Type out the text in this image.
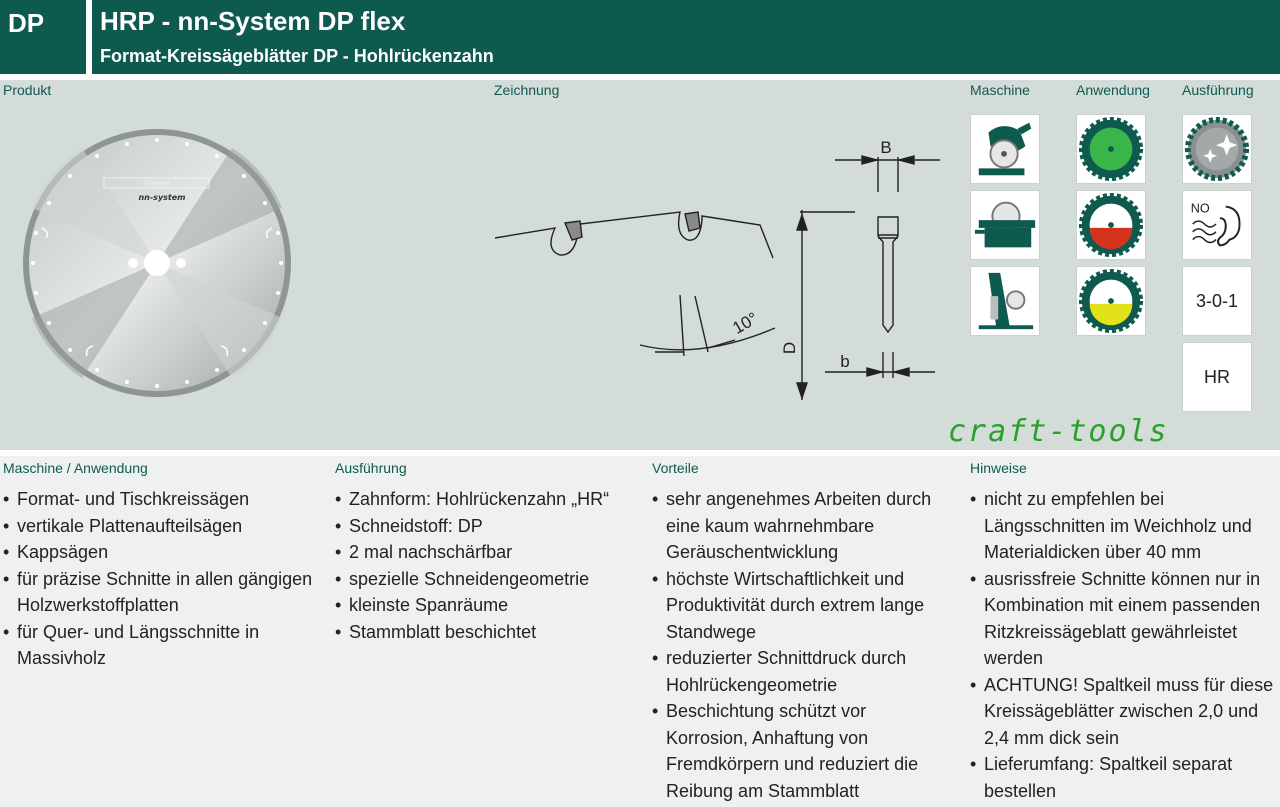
DP	HRP - nn-System DP flex
Format-Kreissägeblätter DP - Hohlrückenzahn
Produkt	Zeichnung	Maschine	Anwendung Ausführung
Stehle
nn-system
B
b
D
10°
NO
3-0-1
HR
craft-tools
Maschine / Anwendung
• Format- und Tischkreissägen
• vertikale Plattenaufteilsägen
• Kappsägen
• für präzise Schnitte in allen gängigen Holzwerkstoffplatten
• für Quer- und Längsschnitte in Massivholz
Ausführung
• Zahnform: Hohlrückenzahn „HR“
• Schneidstoff: DP
• 2 mal nachschärfbar
• spezielle Schneidengeometrie
• kleinste Spanräume
• Stammblatt beschichtet
Vorteile
• sehr angenehmes Arbeiten durch eine kaum wahrnehmbare Geräuschentwicklung
• höchste Wirtschaftlichkeit und Produktivität durch extrem lange Standwege
• reduzierter Schnittdruck durch Hohlrückengeometrie
• Beschichtung schützt vor Korrosion, Anhaftung von Fremdkörpern und reduziert die Reibung am Stammblatt
Hinweise
• nicht zu empfehlen bei Längsschnitten im Weichholz und Materialdicken über 40 mm
• ausrissfreie Schnitte können nur in Kombination mit einem passenden Ritzkreissägeblatt gewährleistet werden
• ACHTUNG! Spaltkeil muss für diese Kreissägeblätter zwischen 2,0 und 2,4 mm dick sein
• Lieferumfang: Spaltkeil separat bestellen
